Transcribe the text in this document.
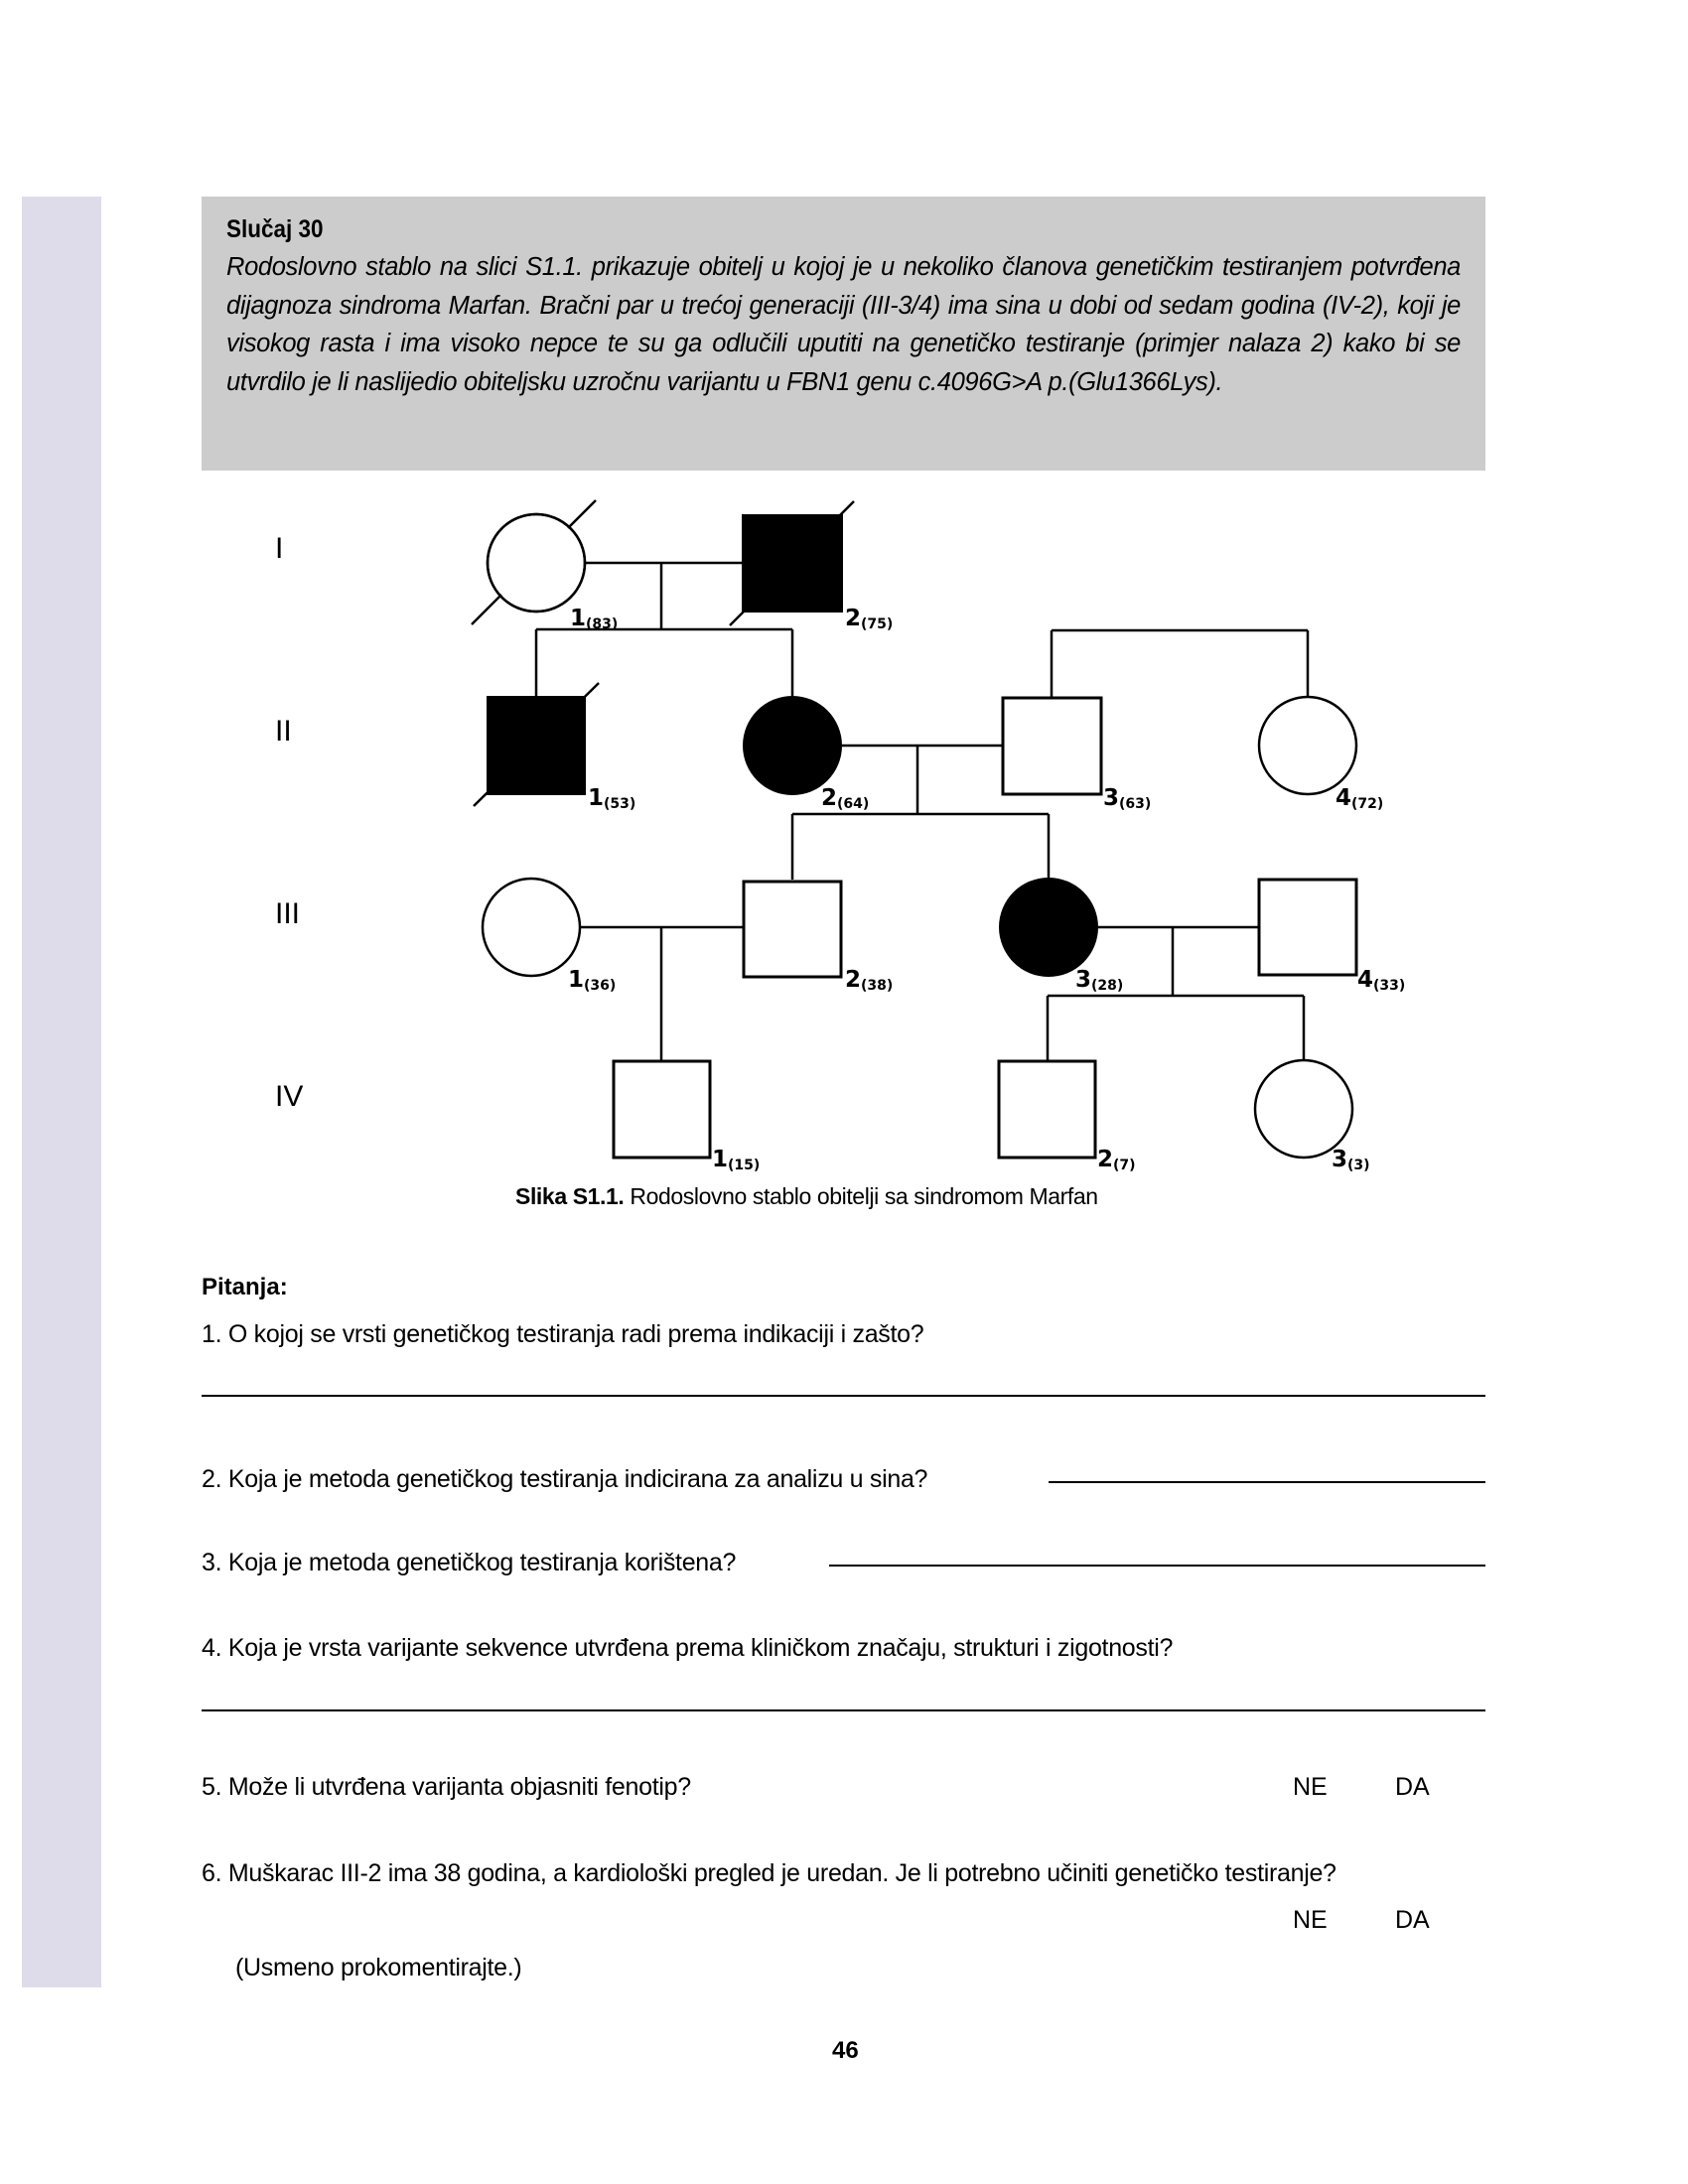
Slučaj 30

Rodoslovno stablo na slici S1.1. prikazuje obitelj u kojoj je u nekoliko članova genetičkim testiranjem potvrđena dijagnoza sindroma Marfan. Bračni par u trećoj generaciji (III-3/4) ima sina u dobi od sedam godina (IV-2), koji je visokog rasta i ima visoko nepce te su ga odlučili uputiti na genetičko testiranje (primjer nalaza 2) kako bi se utvrdilo je li naslijedio obiteljsku uzročnu varijantu u FBN1 genu c.4096G>A p.(Glu1366Lys).

I
II
III
IV
1(83)	2(75)
1(53)	2(64)	3(63)	4(72)
1(36)	2(38)	3(28)	4(33)
1(15)	2(7)	3(3)
Slika S1.1. Rodoslovno stablo obitelji sa sindromom Marfan
Pitanja:
1. O kojoj se vrsti genetičkog testiranja radi prema indikaciji i zašto?
2. Koja je metoda genetičkog testiranja indicirana za analizu u sina?
3. Koja je metoda genetičkog testiranja korištena?
4. Koja je vrsta varijante sekvence utvrđena prema kliničkom značaju, strukturi i zigotnosti?
5. Može li utvrđena varijanta objasniti fenotip?	NE	DA
6. Muškarac III-2 ima 38 godina, a kardiološki pregled je uredan. Je li potrebno učiniti genetičko testiranje?
NE	DA
(Usmeno prokomentirajte.)
46
